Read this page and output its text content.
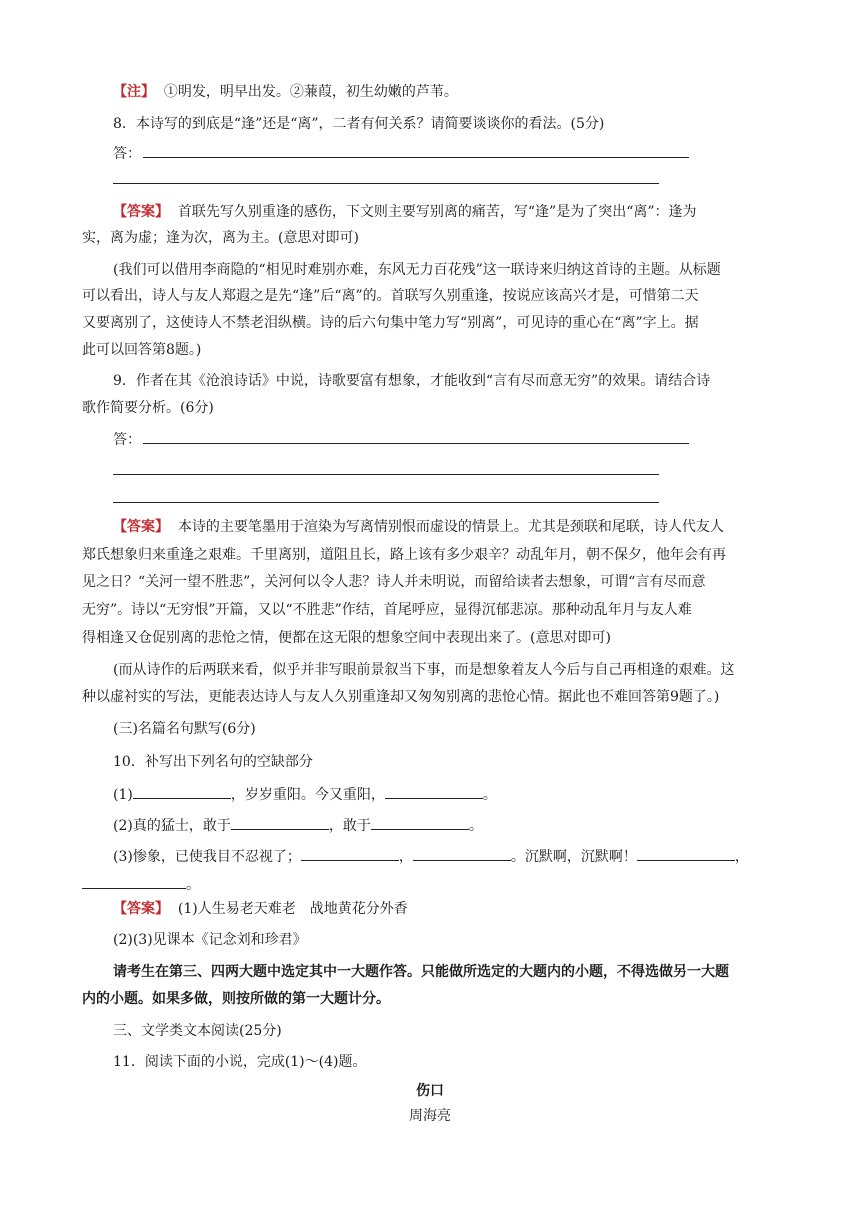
【注】  ①明发，明早出发。②蒹葭，初生幼嫩的芦苇。
8．本诗写的到底是“逢”还是“离”，二者有何关系？请简要谈谈你的看法。(5分)
答：
【答案】  首联先写久别重逢的感伤，下文则主要写别离的痛苦，写“逢”是为了突出“离”：逢为
实，离为虚；逢为次，离为主。(意思对即可)
(我们可以借用李商隐的“相见时难别亦难，东风无力百花残”这一联诗来归纳这首诗的主题。从标题
可以看出，诗人与友人郑遐之是先“逢”后“离”的。首联写久别重逢，按说应该高兴才是，可惜第二天
又要离别了，这使诗人不禁老泪纵横。诗的后六句集中笔力写“别离”，可见诗的重心在“离”字上。据
此可以回答第8题。)
9．作者在其《沧浪诗话》中说，诗歌要富有想象，才能收到“言有尽而意无穷”的效果。请结合诗
歌作简要分析。(6分)
答：
【答案】  本诗的主要笔墨用于渲染为写离情别恨而虚设的情景上。尤其是颈联和尾联，诗人代友人
郑氏想象归来重逢之艰难。千里离别，道阻且长，路上该有多少艰辛？动乱年月，朝不保夕，他年会有再
见之日？“关河一望不胜悲”，关河何以令人悲？诗人并未明说，而留给读者去想象，可谓“言有尽而意
无穷”。诗以“无穷恨”开篇，又以“不胜悲”作结，首尾呼应，显得沉郁悲凉。那种动乱年月与友人难
得相逢又仓促别离的悲怆之情，便都在这无限的想象空间中表现出来了。(意思对即可)
(而从诗作的后两联来看，似乎并非写眼前景叙当下事，而是想象着友人今后与自己再相逢的艰难。这
种以虚衬实的写法，更能表达诗人与友人久别重逢却又匆匆别离的悲怆心情。据此也不难回答第9题了。)
(三)名篇名句默写(6分)
10．补写出下列名句的空缺部分
(1)	，岁岁重阳。今又重阳，	。
(2)真的猛士，敢于	，敢于	。
(3)惨象，已使我目不忍视了；	，	。沉默啊，沉默啊！	，
。
【答案】  (1)人生易老天难老　战地黄花分外香
(2)(3)见课本《记念刘和珍君》
请考生在第三、四两大题中选定其中一大题作答。只能做所选定的大题内的小题，不得选做另一大题
内的小题。如果多做，则按所做的第一大题计分。
三、文学类文本阅读(25分)
11．阅读下面的小说，完成(1)～(4)题。
伤口
周海亮
